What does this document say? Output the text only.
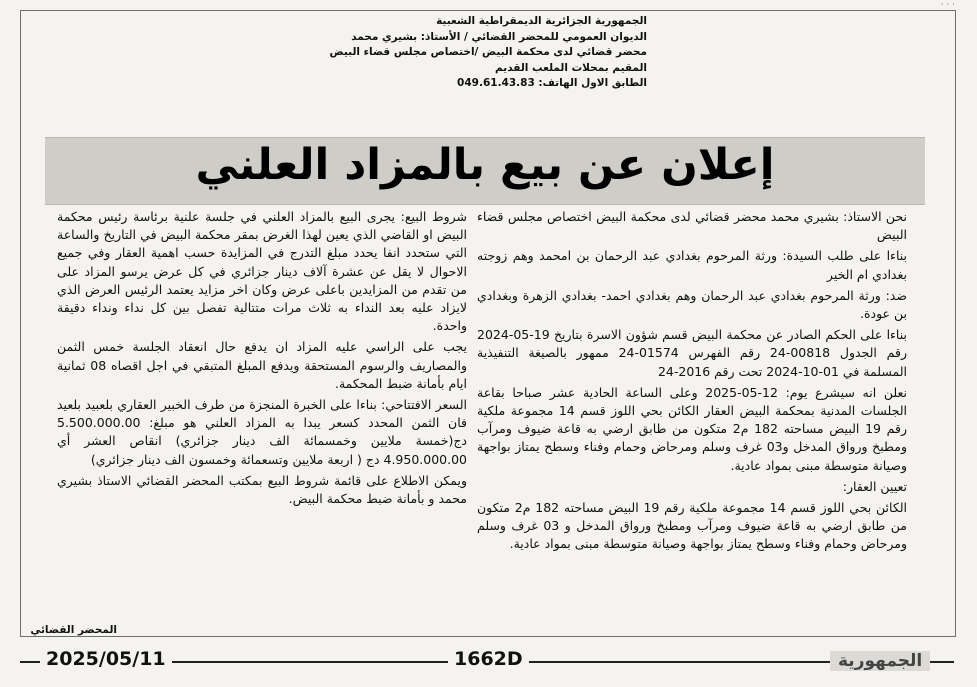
· · ·
الجمهورية الجزائرية الديمقراطية الشعبية
الديوان العمومي للمحضر القضائي / الأستاذ: بشيري محمد
محضر قضائي لدى محكمة البيض /اختصاص مجلس قضاء البيض
المقيم بمحلات الملعب القديم
الطابق الاول الهاتف: 049.61.43.83
إعلان عن بيع بالمزاد العلني

نحن الاستاذ: بشيري محمد محضر قضائي لدى محكمة البيض اختصاص مجلس قضاء البيض

بناءا على طلب السيدة: ورثة المرحوم بغدادي عبد الرحمان بن امحمد وهم زوجته بغدادي ام الخير

ضد: ورثة المرحوم بغدادي عبد الرحمان وهم بغدادي احمد- بغدادي الزهرة وبغدادي بن عودة.

بناءا على الحكم الصادر عن محكمة البيض قسم شؤون الاسرة بتاريخ 19-05-2024 رقم الجدول 00818-24 رقم الفهرس 01574-24 ممهور بالصيغة التنفيذية المسلمة في 01-10-2024 تحت رقم 2016-24

نعلن انه سيشرع يوم: 12-05-2025 وعلى الساعة الحادية عشر صباحا بقاعة الجلسات المدنية بمحكمة البيض العقار الكائن بحي اللوز قسم 14 مجموعة ملكية رقم 19 البيض مساحته 182 م2 متكون من طابق ارضي به قاعة ضيوف ومرآب ومطبخ ورواق المدخل و03 غرف وسلم ومرحاض وحمام وفناء وسطح يمتاز بواجهة وصيانة متوسطة مبنى بمواد عادية.

تعيين العقار:

الكائن بحي اللوز قسم 14 مجموعة ملكية رقم 19 البيض مساحته 182 م2 متكون من طابق ارضي به قاعة ضيوف ومرآب ومطبخ ورواق المدخل و 03 غرف وسلم ومرحاض وحمام وفناء وسطح يمتاز بواجهة وصيانة متوسطة مبنى بمواد عادية.

شروط البيع: يجرى البيع بالمزاد العلني في جلسة علنية برئاسة رئيس محكمة البيض او القاضي الذي يعين لهذا الغرض بمقر محكمة البيض في التاريخ والساعة التي ستحدد انفا يحدد مبلغ التدرج في المزايدة حسب اهمية العقار وفي جميع الاحوال لا يقل عن عشرة آلاف دينار جزائري في كل عرض يرسو المزاد على من تقدم من المزايدين باعلى عرض وكان اخر مزايد يعتمد الرئيس العرض الذي لايزاد عليه بعد النداء به ثلاث مرات متتالية تفصل بين كل نداء ونداء دقيقة واحدة.

يجب على الراسي عليه المزاد ان يدفع حال انعقاد الجلسة خمس الثمن والمصاريف والرسوم المستحقة ويدفع المبلغ المتبقي في اجل اقصاه 08 ثمانية ايام بأمانة ضبط المحكمة.

السعر الافتتاحي: بناءا على الخبرة المنجزة من طرف الخبير العقاري بلعبيد بلعيد فان الثمن المحدد كسعر يبدا به المزاد العلني هو مبلغ: 5.500.000.00 دج(خمسة ملايين وخمسمائة الف دينار جزائري) انقاص العشر أي 4.950.000.00 دج ( اربعة ملايين وتسعمائة وخمسون الف دينار جزائري)

ويمكن الاطلاع على قائمة شروط البيع بمكتب المحضر القضائي الاستاذ بشيري محمد و بأمانة ضبط محكمة البيض.

المحضر القضائي
2025/05/11	1662D	الجمهورية
